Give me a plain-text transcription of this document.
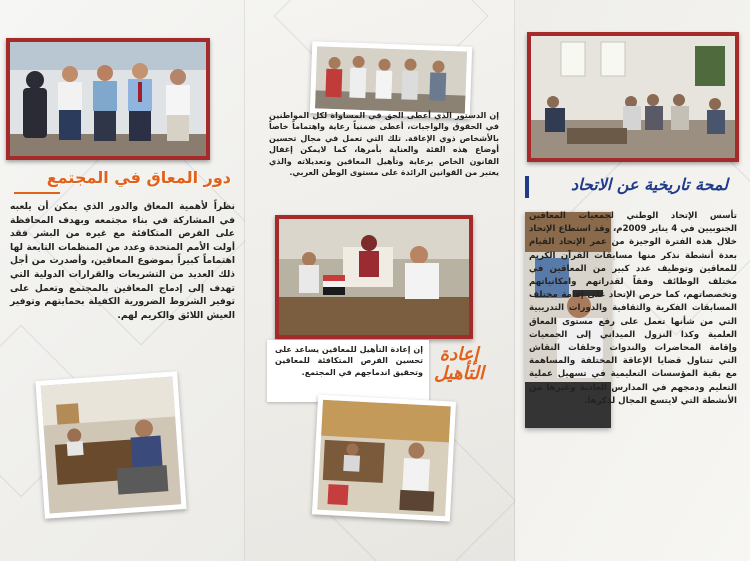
دور المعاق في المجتمع
نظراً لأهمية المعاق والدور الذي يمكن أن يلعبه في المشاركة في بناء مجتمعه وبهدف المحافظة على الفرص المتكافئة مع غيره من البشر فقد أولت الأمم المتحدة وعدد من المنظمات التابعة لها اهتماماً كبيراً بموضوع المعاقين، وأصدرت من أجل ذلك العديد من التشريعات والقرارات الدولية التي تهدف إلى إدماج المعاقين بالمجتمع وتعمل على توفير الشروط الضرورية الكفيلة بحمايتهم وتوفير العيش اللائق والكريم لهم.
إن الدستور الذي أعطى الحق في المساواة لكل المواطنين في الحقوق والواجبات، أعطى ضمنياً رعاية واهتماماً خاصاً بالأشخاص ذوي الإعاقة. تلك التي تعمل في مجال تحسين أوضاع هذه الفئة والعناية بأمرها، كما لايمكن إغفال القانون الخاص برعاية وتأهيل المعاقين وتعديلاته والذي يعتبر من القوانين الرائدة على مستوى الوطن العربي.
إعادة
التأهيل
إن إعادة التأهيل للمعاقين يساعد على تحسين الفرص المتكافئة للمعاقين وتحقيق اندماجهم في المجتمع.
لمحة تاريخية عن الاتحاد
تأسس الإتحاد الوطني لجمعيات المعاقين الجنوبيين في 4 يناير 2009م، وقد استطاع الإتحاد خلال هذه الفترة الوجيزة من عمر الإتحاد القيام بعدة أنشطة نذكر منها مسابقات القرآن الكريم للمعاقين وتوظيف عدد كبير من المعاقين في مختلف الوظائف وفقاً لقدراتهم وامكانياتهم وتخصصاتهم، كما حرص الإتحاد على إقامة مختلف المسابقات الفكرية والثقافية والدورات التدريبية التي من شأنها تعمل على رفع مستوى المعاق العلمية وكذا النزول الميداني إلى الجمعيات وإقامة المحاضرات والندوات وحلقات النقاش التي تتناول قضايا الإعاقة المختلفة والمساهمة مع بقية المؤسسات التعليمية في تسهيل عملية التعليم ودمجهم في المدارس العادية وغيرها من الأنشطة التي لايتسع المجال لذكرها.
